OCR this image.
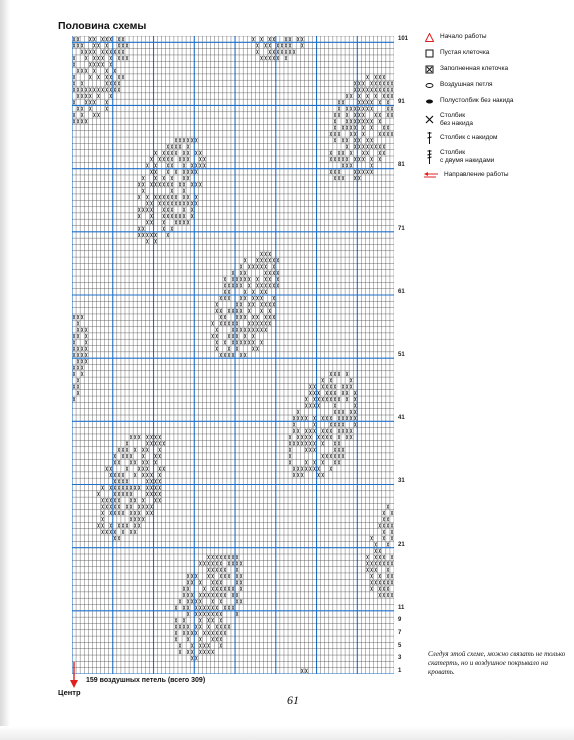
Половина схемы
101
91
81
71
61
51
41
31
21
11
9
7
5
3
1
159 воздушных петель (всего 309)
Центр
61
Начало работы
Пустая клеточка
Заполненная клеточка
Воздушная петля
Полустолбик без накида
Столбик
без накида
Столбик с накидом
Столбик
с двумя накидами
Направление работы
Следуя этой схеме, можно связать не только скатерть, но и воздушное покрывало на кровать.
